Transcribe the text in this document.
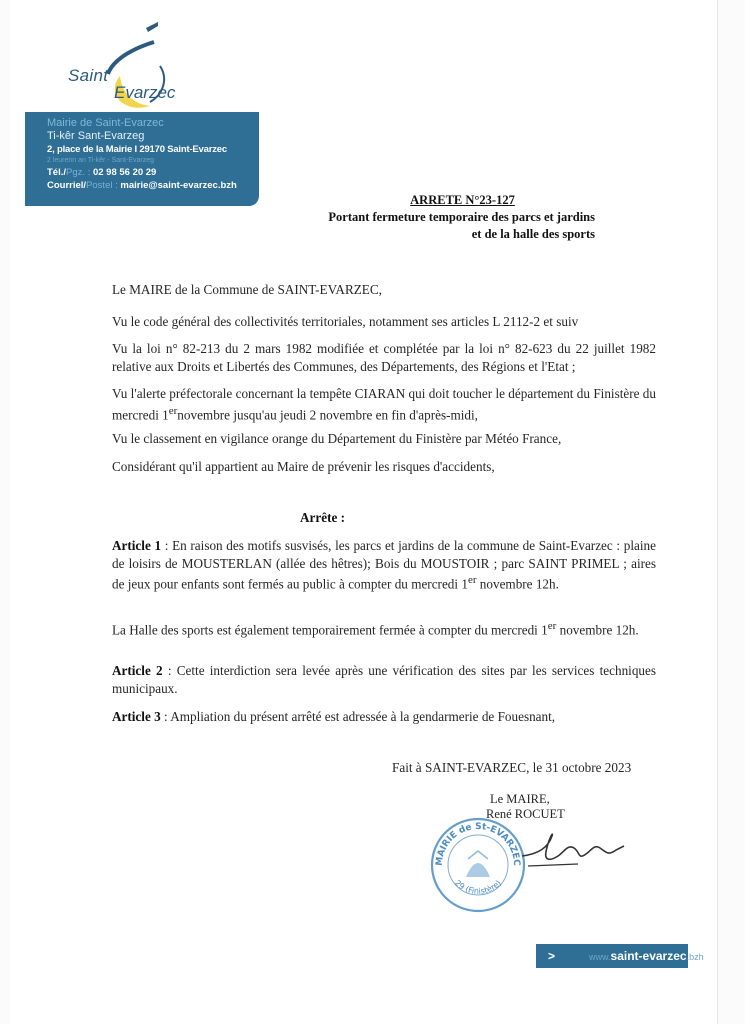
Saint
Evarzec
Mairie de Saint-Evarzec
Ti-kêr Sant-Evarzeg
2, place de la Mairie I 29170 Saint-Evarzec
2 leurenn an Ti-kêr - Sant-Evarzeg
Tél./Pgz. : 02 98 56 20 29
Courriel/Postel : mairie@saint-evarzec.bzh
ARRETE N°23-127
Portant fermeture temporaire des parcs et jardins
et de la halle des sports

Le MAIRE de la Commune de SAINT-EVARZEC,

Vu le code général des collectivités territoriales, notamment ses articles L 2112-2 et suiv

Vu la loi n° 82-213 du 2 mars 1982 modifiée et complétée par la loi n° 82-623 du 22 juillet 1982 relative aux Droits et Libertés des Communes, des Départements, des Régions et l'Etat ;

Vu l'alerte préfectorale concernant la tempête CIARAN qui doit toucher le département du Finistère du mercredi 1ernovembre jusqu'au jeudi 2 novembre en fin d'après-midi,

Vu le classement en vigilance orange du Département du Finistère par Météo France,

Considérant qu'il appartient au Maire de prévenir les risques d'accidents,

Arrête :

Article 1 : En raison des motifs susvisés, les parcs et jardins de la commune de Saint-Evarzec : plaine de loisirs de MOUSTERLAN (allée des hêtres); Bois du MOUSTOIR ; parc SAINT PRIMEL ; aires de jeux pour enfants sont fermés au public à compter du mercredi 1er novembre 12h.

La Halle des sports est également temporairement fermée à compter du mercredi 1er novembre 12h.

Article 2 : Cette interdiction sera levée après une vérification des sites par les services techniques municipaux.

Article 3 : Ampliation du présent arrêté est adressée à la gendarmerie de Fouesnant,

Fait à SAINT-EVARZEC, le 31 octobre 2023
Le MAIRE,
René ROCUET
MAIRIE de St-EVARZEC
29 (Finistère)
>	www.saint-evarzec.bzh
